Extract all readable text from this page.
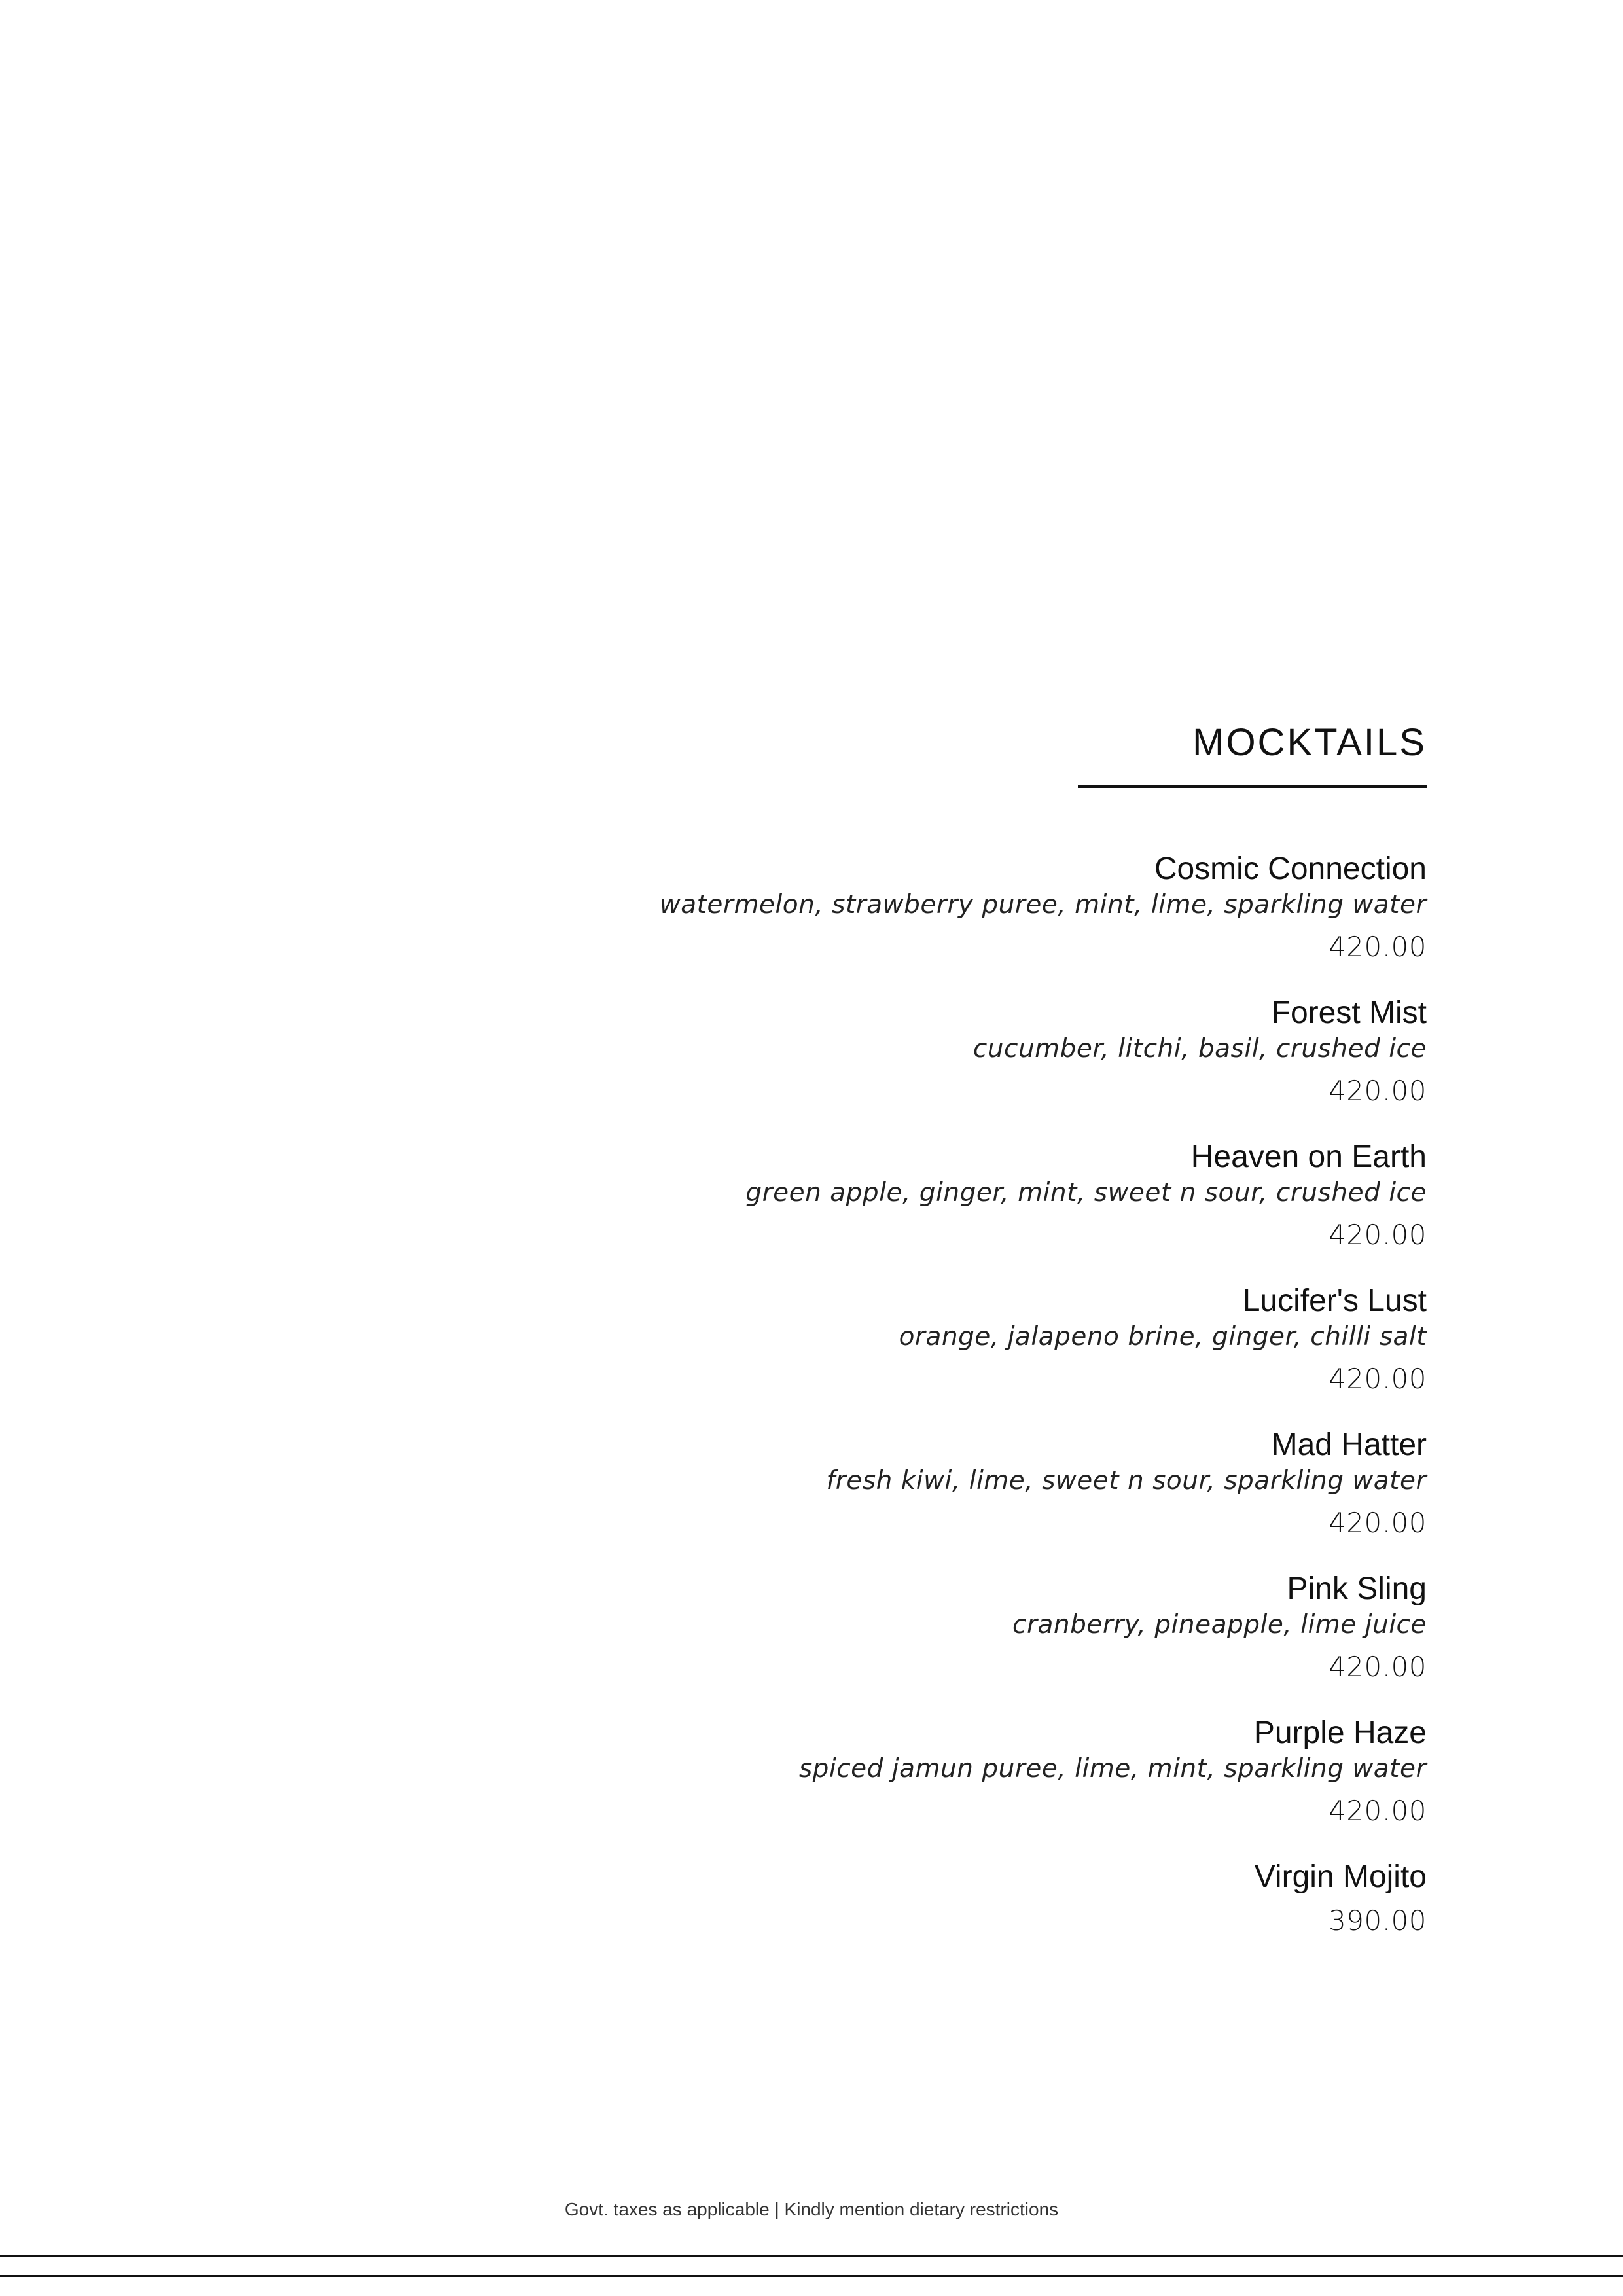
MOCKTAILS
Cosmic Connection
watermelon, strawberry puree, mint, lime, sparkling water
420.00
Forest Mist
cucumber, litchi, basil, crushed ice
420.00
Heaven on Earth
green apple, ginger, mint, sweet n sour, crushed ice
420.00
Lucifer's Lust
orange, jalapeno brine, ginger, chilli salt
420.00
Mad Hatter
fresh kiwi, lime, sweet n sour, sparkling water
420.00
Pink Sling
cranberry, pineapple, lime juice
420.00
Purple Haze
spiced jamun puree, lime, mint, sparkling water
420.00
Virgin Mojito
390.00
Govt. taxes as applicable | Kindly mention dietary restrictions
